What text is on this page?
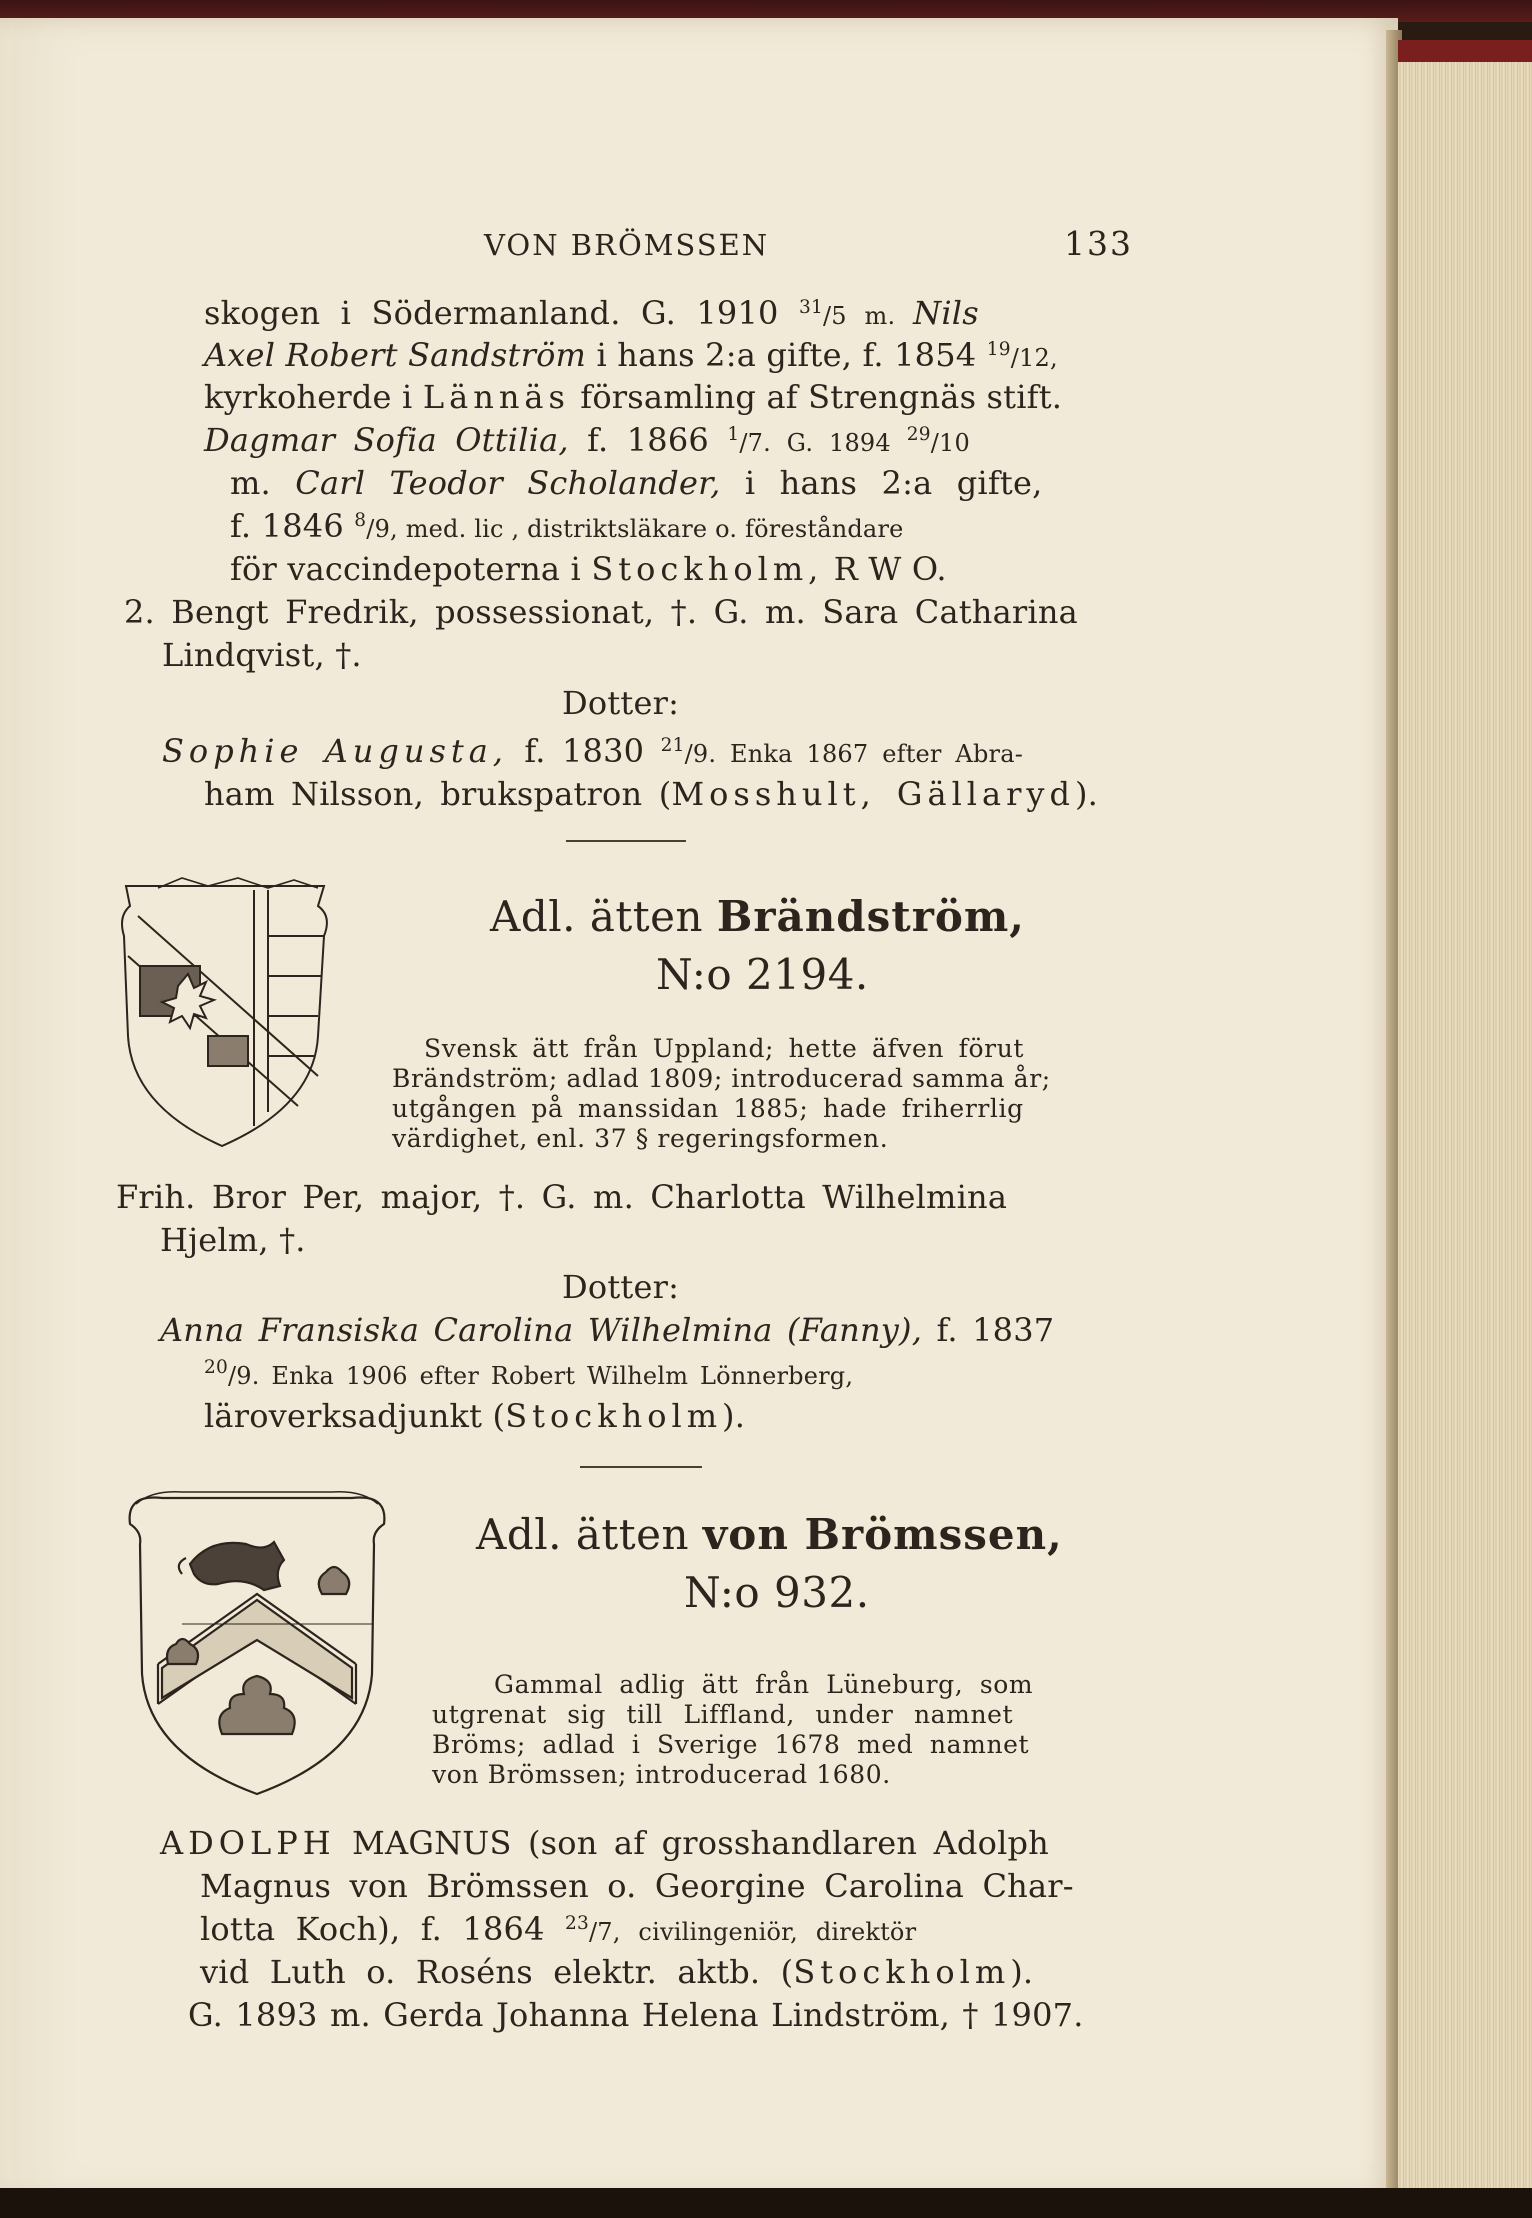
VON BRÖMSSEN	133
skogen i Södermanland. G. 1910 $^{31}$/5 m. Nils
Axel Robert Sandström i hans 2:a gifte, f. 1854 $^{19}$/12,
kyrkoherde i Lännäs församling af Strengnäs stift.
Dagmar Sofia Ottilia, f. 1866 $^1$/7. G. 1894 $^{29}$/10
m. Carl Teodor Scholander, i hans 2:a gifte,
f. 1846 $^8$/9, med. lic , distriktsläkare o. föreståndare
för vaccindepoterna i Stockholm, R W O.
2. Bengt Fredrik, possessionat, †. G. m. Sara Catharina
Lindqvist, †.
Dotter:
Sophie Augusta, f. 1830 $^{21}$/9. Enka 1867 efter Abra-
ham Nilsson, brukspatron (Mosshult, Gällaryd).
Adl. ätten Brändström,
N:o 2194.
Svensk ätt från Uppland; hette äfven förut
Brändström; adlad 1809; introducerad samma år;
utgången på manssidan 1885; hade friherrlig
värdighet, enl. 37 § regeringsformen.
Frih. Bror Per, major, †. G. m. Charlotta Wilhelmina
Hjelm, †.
Dotter:
Anna Fransiska Carolina Wilhelmina (Fanny), f. 1837
$^{20}$/9. Enka 1906 efter Robert Wilhelm Lönnerberg,
läroverksadjunkt (Stockholm).
Adl. ätten von Brömssen,
N:o 932.
Gammal adlig ätt från Lüneburg, som
utgrenat sig till Liffland, under namnet
Bröms; adlad i Sverige 1678 med namnet
von Brömssen; introducerad 1680.
ADOLPH MAGNUS (son af grosshandlaren Adolph
Magnus von Brömssen o. Georgine Carolina Char-
lotta Koch), f. 1864 $^{23}$/7, civilingeniör, direktör
vid Luth o. Roséns elektr. aktb. (Stockholm).
G. 1893 m. Gerda Johanna Helena Lindström, † 1907.
